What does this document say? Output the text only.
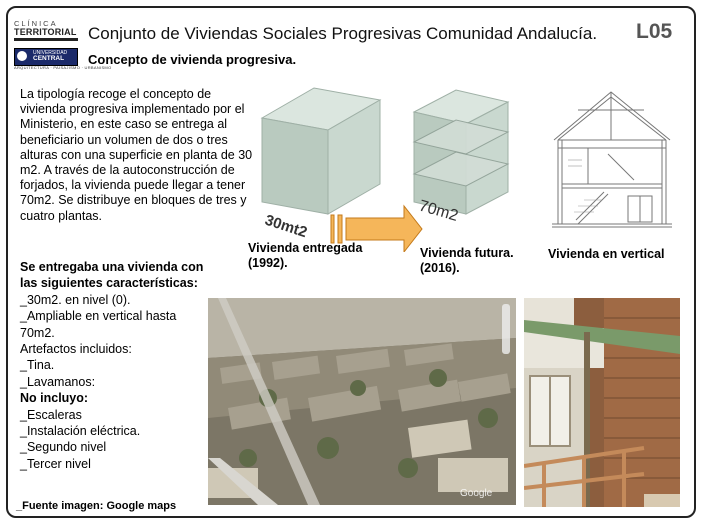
CLÍNICA
TERRITORIAL
UNIVERSIDAD
CENTRAL
ARQUITECTURA · PAISAJISMO · URBANISMO
Conjunto de Viviendas Sociales Progresivas Comunidad Andalucía. L05
Concepto de vivienda progresiva.
La tipología recoge el concepto de vivienda progresiva implementado por el Ministerio, en este caso se entrega al beneficiario un volumen de dos o tres alturas con una superficie en planta de 30 m2. A través de la autoconstrucción de forjados, la vivienda puede llegar a tener 70m2. Se distribuye en bloques de tres y cuatro plantas.
Se entregaba una vivienda con las siguientes características:
_30m2. en nivel (0).
_Ampliable en vertical hasta 70m2.
Artefactos incluidos:
_Tina.
_Lavamanos:
No incluyo:
_Escaleras
_Instalación eléctrica.
_Segundo nivel
_Tercer nivel
_Fuente imagen: Google maps
30mt2
70m2
Vivienda entregada (1992).
Vivienda futura. (2016).
Vivienda en vertical
Google
